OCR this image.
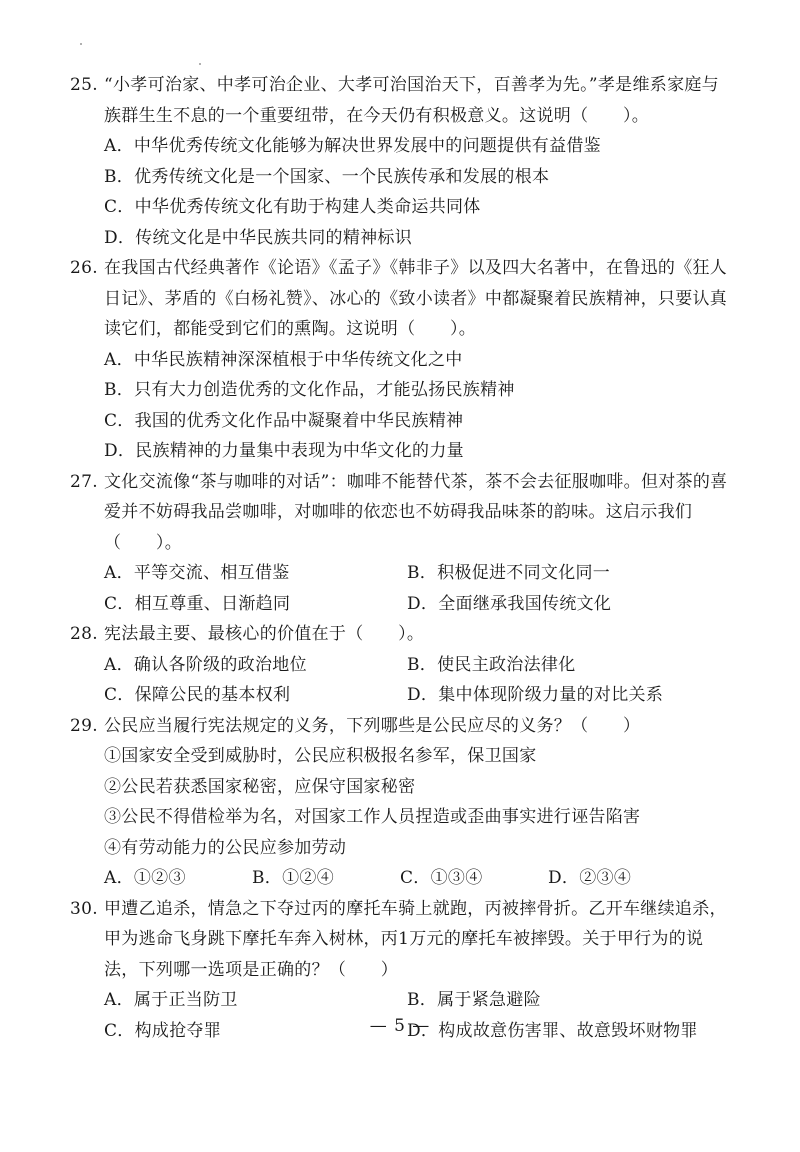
25. “小孝可治家、中孝可治企业、大孝可治国治天下，百善孝为先。”孝是维系家庭与族群生生不息的一个重要纽带，在今天仍有积极意义。这说明（　　）。
A．中华优秀传统文化能够为解决世界发展中的问题提供有益借鉴
B．优秀传统文化是一个国家、一个民族传承和发展的根本
C．中华优秀传统文化有助于构建人类命运共同体
D．传统文化是中华民族共同的精神标识
26. 在我国古代经典著作《论语》《孟子》《韩非子》以及四大名著中，在鲁迅的《狂人日记》、茅盾的《白杨礼赞》、冰心的《致小读者》中都凝聚着民族精神，只要认真读它们，都能受到它们的熏陶。这说明（　　）。
A．中华民族精神深深植根于中华传统文化之中
B．只有大力创造优秀的文化作品，才能弘扬民族精神
C．我国的优秀文化作品中凝聚着中华民族精神
D．民族精神的力量集中表现为中华文化的力量
27. 文化交流像“茶与咖啡的对话”：咖啡不能替代茶，茶不会去征服咖啡。但对茶的喜爱并不妨碍我品尝咖啡，对咖啡的依恋也不妨碍我品味茶的韵味。这启示我们（　　）。
A．平等交流、相互借鉴	B．积极促进不同文化同一
C．相互尊重、日渐趋同	D．全面继承我国传统文化
28. 宪法最主要、最核心的价值在于（　　）。
A．确认各阶级的政治地位	B．使民主政治法律化
C．保障公民的基本权利	D．集中体现阶级力量的对比关系
29. 公民应当履行宪法规定的义务，下列哪些是公民应尽的义务？（　　）
①国家安全受到威胁时，公民应积极报名参军，保卫国家
②公民若获悉国家秘密，应保守国家秘密
③公民不得借检举为名，对国家工作人员捏造或歪曲事实进行诬告陷害
④有劳动能力的公民应参加劳动
A．①②③	B．①②④	C．①③④	D．②③④
30. 甲遭乙追杀，情急之下夺过丙的摩托车骑上就跑，丙被摔骨折。乙开车继续追杀，甲为逃命飞身跳下摩托车奔入树林，丙1万元的摩托车被摔毁。关于甲行为的说法，下列哪一选项是正确的？（　　）
A．属于正当防卫	B．属于紧急避险
C．构成抢夺罪	D．构成故意伤害罪、故意毁坏财物罪
— 5 —
